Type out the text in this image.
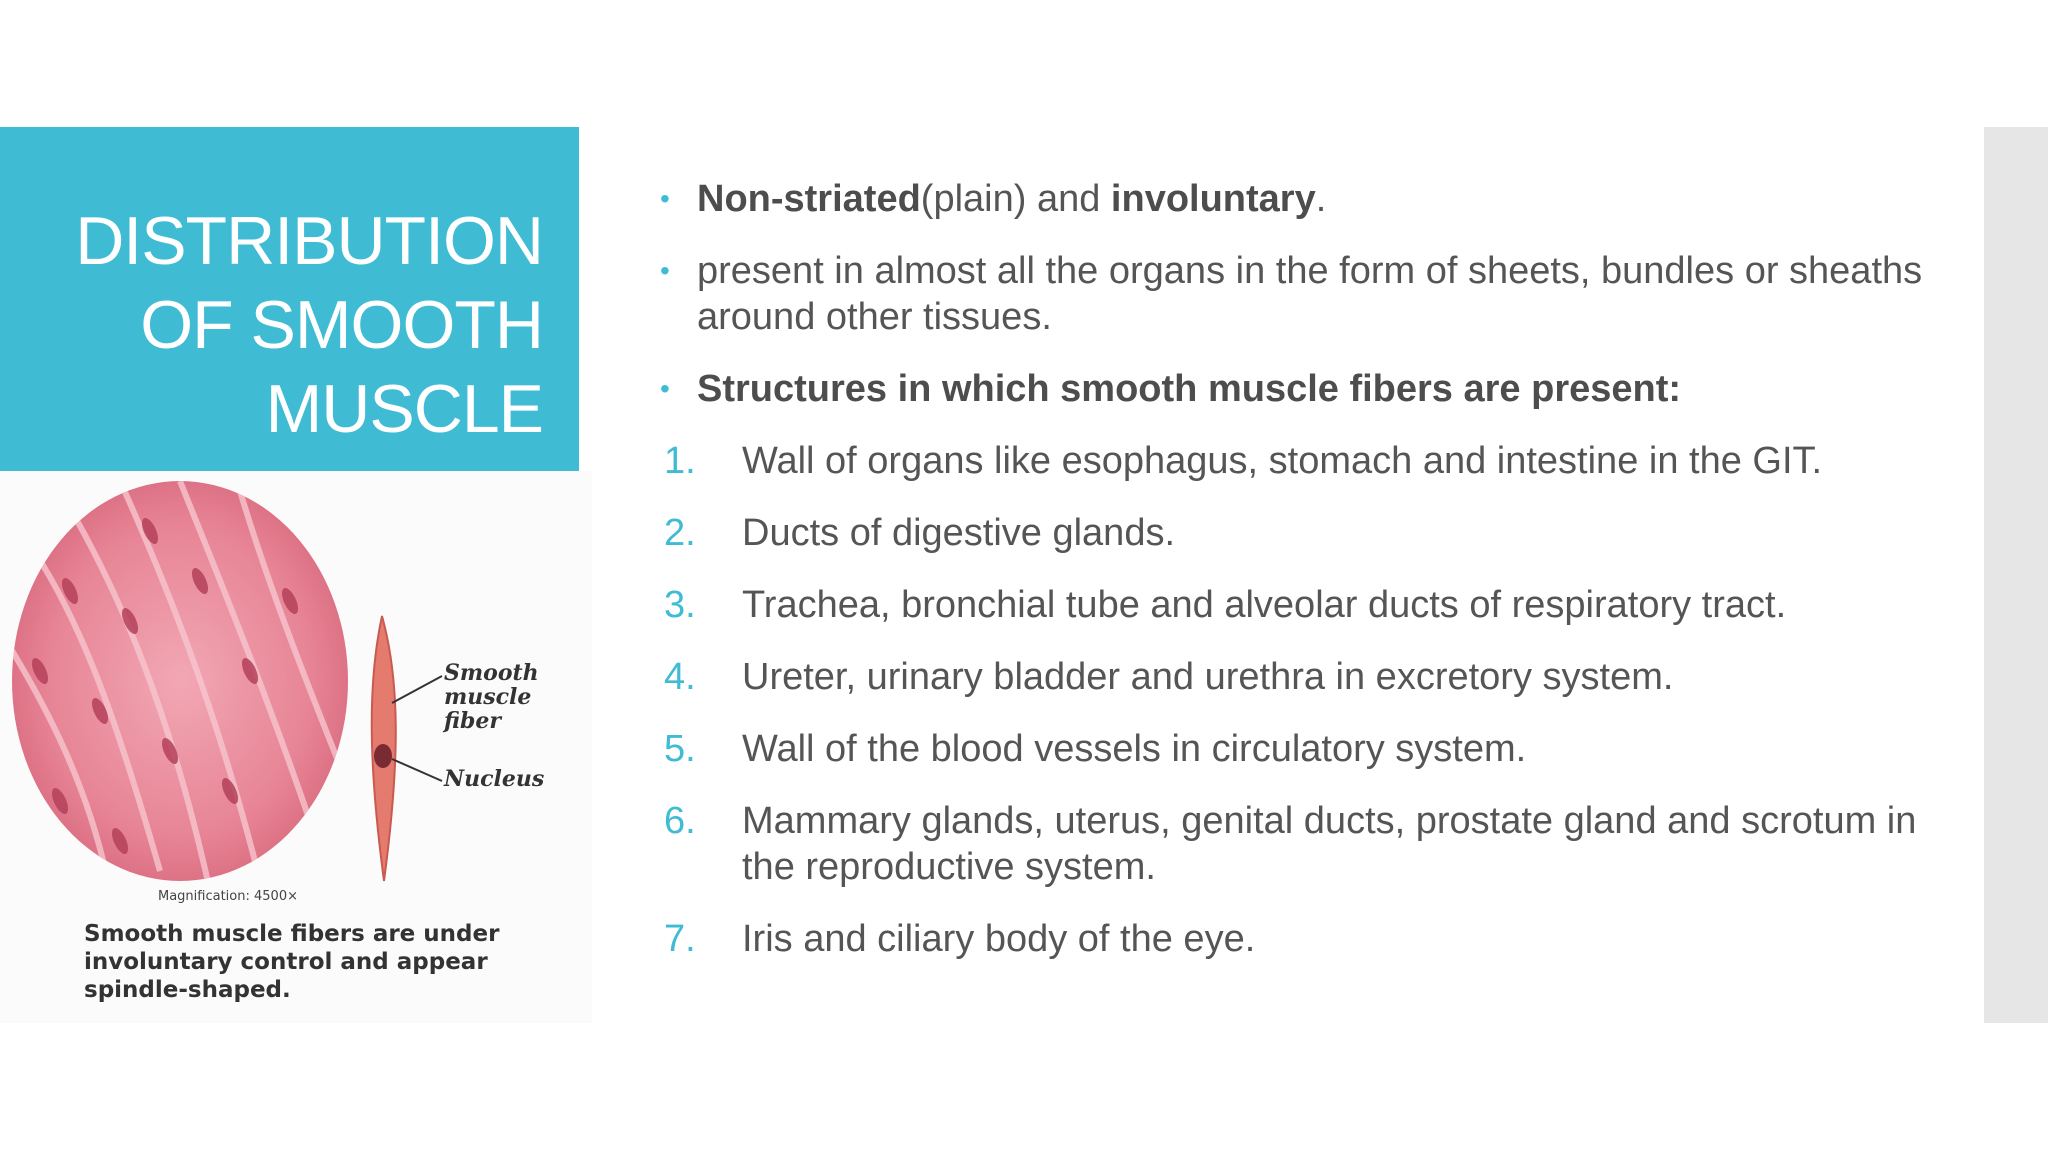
DISTRIBUTION
OF SMOOTH
MUSCLE
Smooth
muscle
fiber
Nucleus
Magnification: 4500×
Smooth muscle fibers are under involuntary control and appear spindle-shaped.
• Non-striated(plain) and involuntary.
• present in almost all the organs in the form of sheets, bundles or sheaths around other tissues.
• Structures in which smooth muscle fibers are present:
1. Wall of organs like esophagus, stomach and intestine in the GIT.
2. Ducts of digestive glands.
3. Trachea, bronchial tube and alveolar ducts of respiratory tract.
4. Ureter, urinary bladder and urethra in excretory system.
5. Wall of the blood vessels in circulatory system.
6. Mammary glands, uterus, genital ducts, prostate gland and scrotum in the reproductive system.
7. Iris and ciliary body of the eye.
